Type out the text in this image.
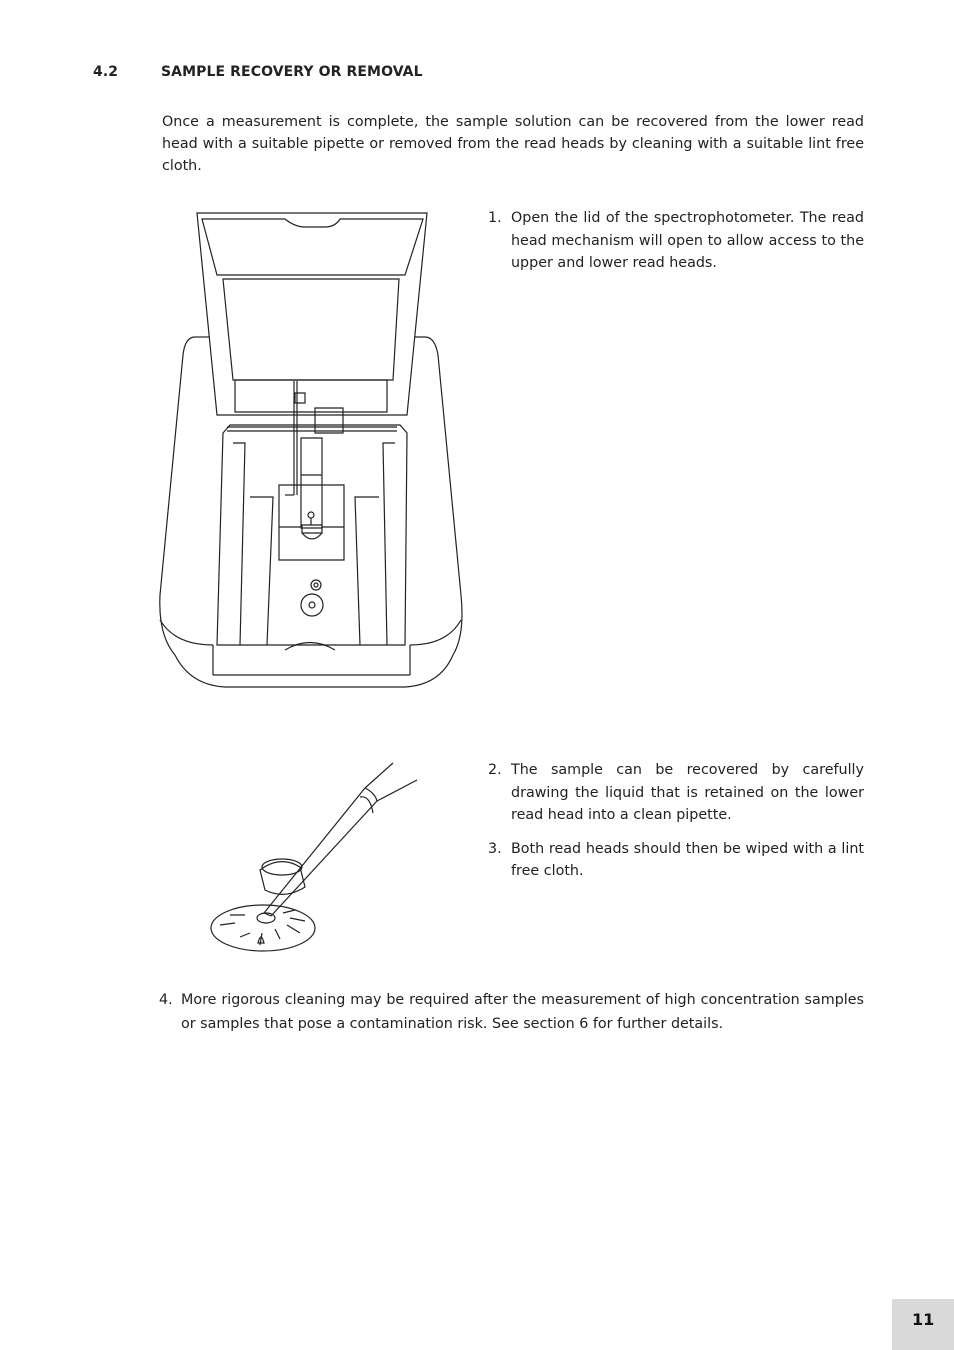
4.2	SAMPLE RECOVERY OR REMOVAL

Once a measurement is complete, the sample solution can be recovered from the lower read head with a suitable pipette or removed from the read heads by cleaning with a suitable lint free cloth.

1. Open the lid of the spectrophotometer. The read head mechanism will open to allow access to the upper and lower read heads.
2. The sample can be recovered by carefully drawing the liquid that is retained on the lower read head into a clean pipette.
3. Both read heads should then be wiped with a lint free cloth.
4. More rigorous cleaning may be required after the measurement of high concentration samples or samples that pose a contamination risk. See section 6 for further details.
11
